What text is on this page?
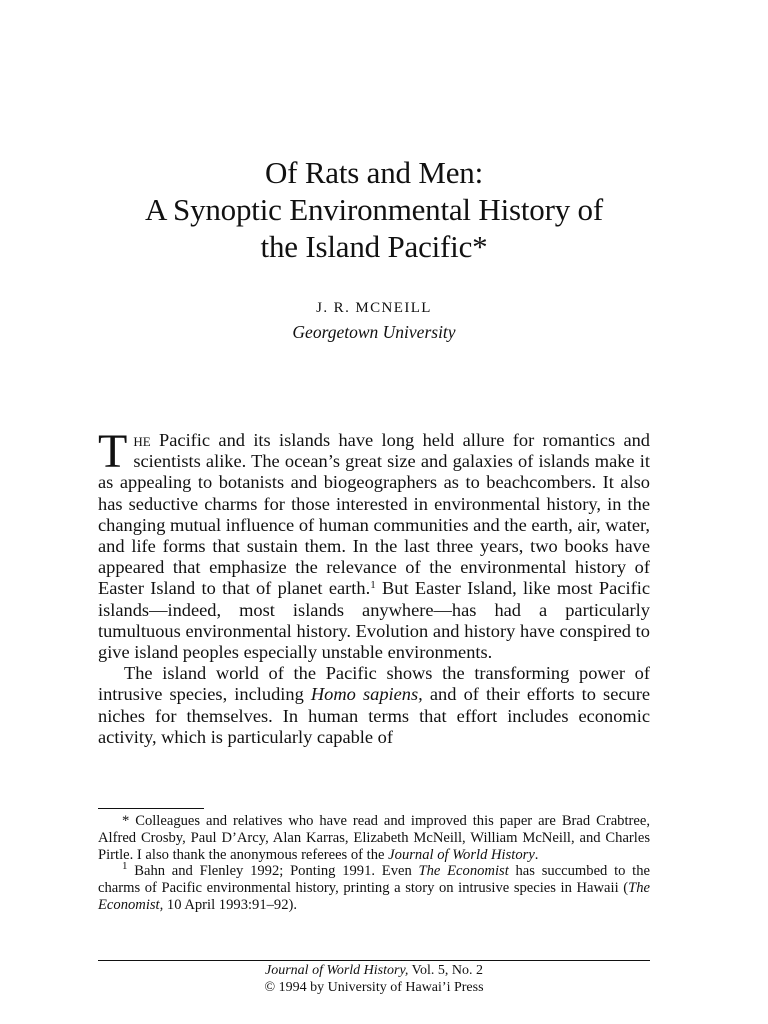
Of Rats and Men:
A Synoptic Environmental History of
the Island Pacific*
J. R. MCNEILL
Georgetown University

The Pacific and its islands have long held allure for romantics and scientists alike. The ocean’s great size and galaxies of islands make it as appealing to botanists and biogeographers as to beachcombers. It also has seductive charms for those interested in environmental history, in the changing mutual influence of human communities and the earth, air, water, and life forms that sustain them. In the last three years, two books have appeared that emphasize the relevance of the environmental history of Easter Island to that of planet earth.$^1$ But Easter Island, like most Pacific islands—indeed, most islands anywhere—has had a particularly tumultuous environmental history. Evolution and history have conspired to give island peoples especially unstable environments.

The island world of the Pacific shows the transforming power of intrusive species, including Homo sapiens, and of their efforts to secure niches for themselves. In human terms that effort includes economic activity, which is particularly capable of

* Colleagues and relatives who have read and improved this paper are Brad Crabtree, Alfred Crosby, Paul D’Arcy, Alan Karras, Elizabeth McNeill, William McNeill, and Charles Pirtle. I also thank the anonymous referees of the Journal of World History.

$^1$ Bahn and Flenley 1992; Ponting 1991. Even The Economist has succumbed to the charms of Pacific environmental history, printing a story on intrusive species in Hawaii (The Economist, 10 April 1993:91–92).

Journal of World History, Vol. 5, No. 2
© 1994 by University of Hawai’i Press
